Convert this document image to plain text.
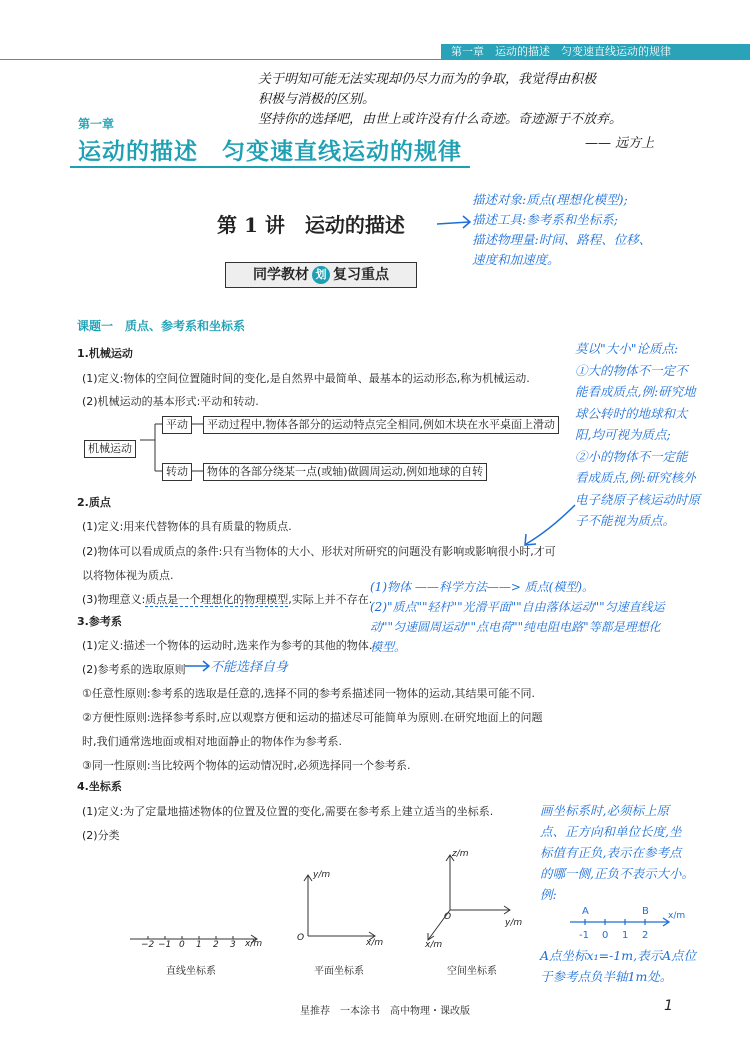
第一章　运动的描述　匀变速直线运动的规律
关于明知可能无法实现却仍尽力而为的争取，我觉得由积极
积极与消极的区别。
坚持你的选择吧，由世上或许没有什么奇迹。奇迹源于不放弃。
—— 远方上
第一章
运动的描述　匀变速直线运动的规律
第 1 讲　运动的描述
描述对象:质点(理想化模型);
描述工具:参考系和坐标系;
描述物理量:时间、路程、位移、
速度和加速度。
同学教材 划 复习重点
课题一　质点、参考系和坐标系
1.机械运动
(1)定义:物体的空间位置随时间的变化,是自然界中最简单、最基本的运动形态,称为机械运动.
(2)机械运动的基本形式:平动和转动.
机械运动
平动	平动过程中,物体各部分的运动特点完全相同,例如木块在水平桌面上滑动
转动	物体的各部分绕某一点(或轴)做圆周运动,例如地球的自转
莫以"大小"论质点:
①大的物体不一定不
能看成质点,例:研究地
球公转时的地球和太
阳,均可视为质点;
②小的物体不一定能
看成质点,例:研究核外
电子绕原子核运动时原
子不能视为质点。
2.质点
(1)定义:用来代替物体的具有质量的物质点.
(2)物体可以看成质点的条件:只有当物体的大小、形状对所研究的问题没有影响或影响很小时,才可
以将物体视为质点.
(3)物理意义:质点是一个理想化的物理模型,实际上并不存在.
(1)物体 ——科学方法——> 质点(模型)。
(2)"质点""轻杆""光滑平面""自由落体运动""匀速直线运
动""匀速圆周运动""点电荷""纯电阻电路"等都是理想化
模型。
3.参考系
(1)定义:描述一个物体的运动时,选来作为参考的其他的物体.
(2)参考系的选取原则 不能选择自身
①任意性原则:参考系的选取是任意的,选择不同的参考系描述同一物体的运动,其结果可能不同.
②方便性原则:选择参考系时,应以观察方便和运动的描述尽可能简单为原则.在研究地面上的问题
时,我们通常选地面或相对地面静止的物体作为参考系.
③同一性原则:当比较两个物体的运动情况时,必须选择同一个参考系.
4.坐标系
(1)定义:为了定量地描述物体的位置及位置的变化,需要在参考系上建立适当的坐标系.
(2)分类
画坐标系时,必须标上原
点、正方向和单位长度,坐
标值有正负,表示在参考点
的哪一侧,正负不表示大小。
例:
A	B x/m
-1 0 1 2
A点坐标x₁=-1m,表示A点位
于参考点负半轴1m处。
−2 −1 0 1 2 3 x/m
y/m
x/m
O
z/m
y/m
x/m
O
直线坐标系	平面坐标系	空间坐标系
星推荐　一本涂书　高中物理・课改版	1
